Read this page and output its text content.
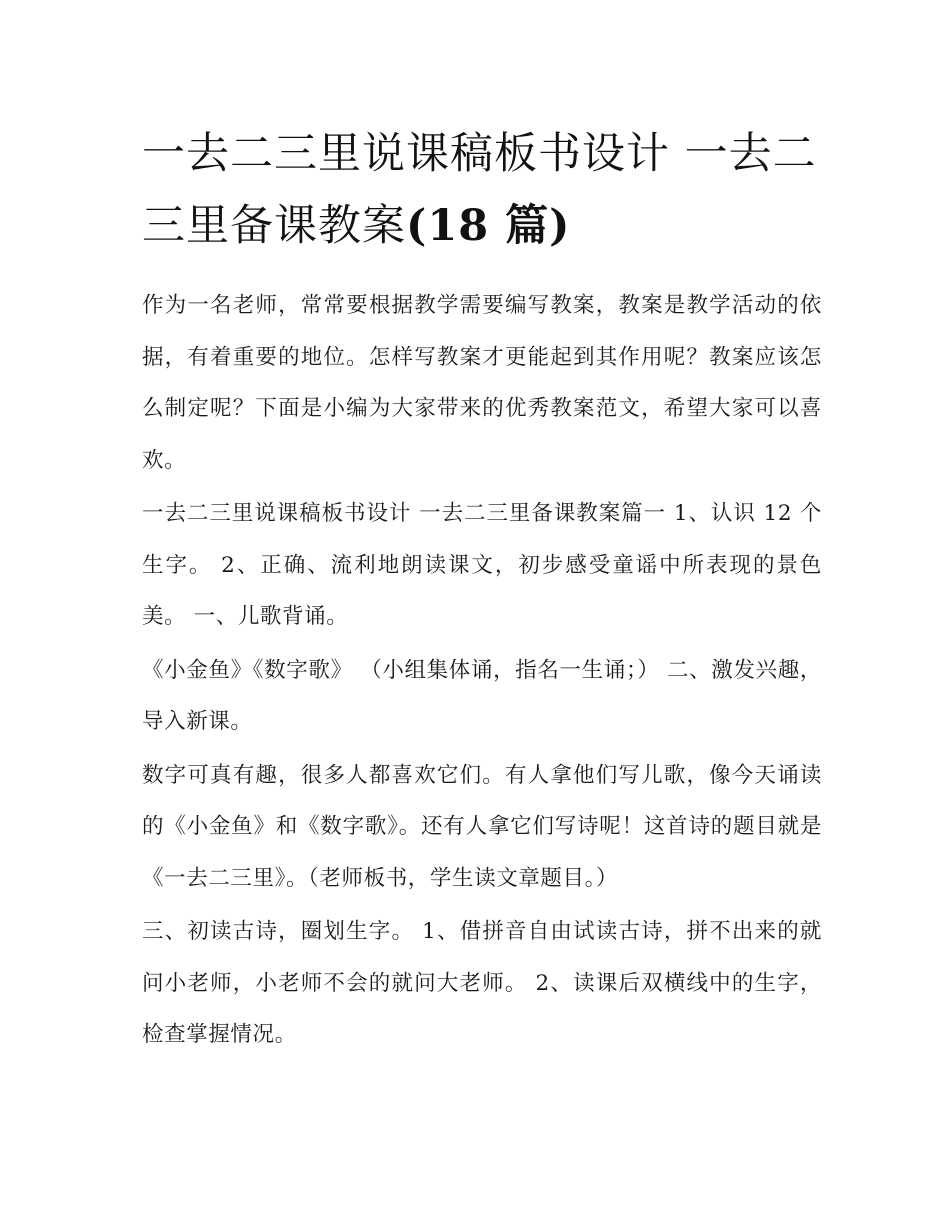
一去二三里说课稿板书设计 一去二三里备课教案(18 篇)

作为一名老师，常常要根据教学需要编写教案，教案是教学活动的依据，有着重要的地位。怎样写教案才更能起到其作用呢？教案应该怎么制定呢？下面是小编为大家带来的优秀教案范文，希望大家可以喜欢。

一去二三里说课稿板书设计 一去二三里备课教案篇一 1、认识 12 个生字。 2、正确、流利地朗读课文，初步感受童谣中所表现的景色美。 一、儿歌背诵。

《小金鱼》《数字歌》 （小组集体诵，指名一生诵；） 二、激发兴趣，导入新课。

数字可真有趣，很多人都喜欢它们。有人拿他们写儿歌，像今天诵读的《小金鱼》和《数字歌》。还有人拿它们写诗呢！这首诗的题目就是《一去二三里》。（老师板书，学生读文章题目。）

三、初读古诗，圈划生字。 1、借拼音自由试读古诗，拼不出来的就问小老师，小老师不会的就问大老师。 2、读课后双横线中的生字，检查掌握情况。
